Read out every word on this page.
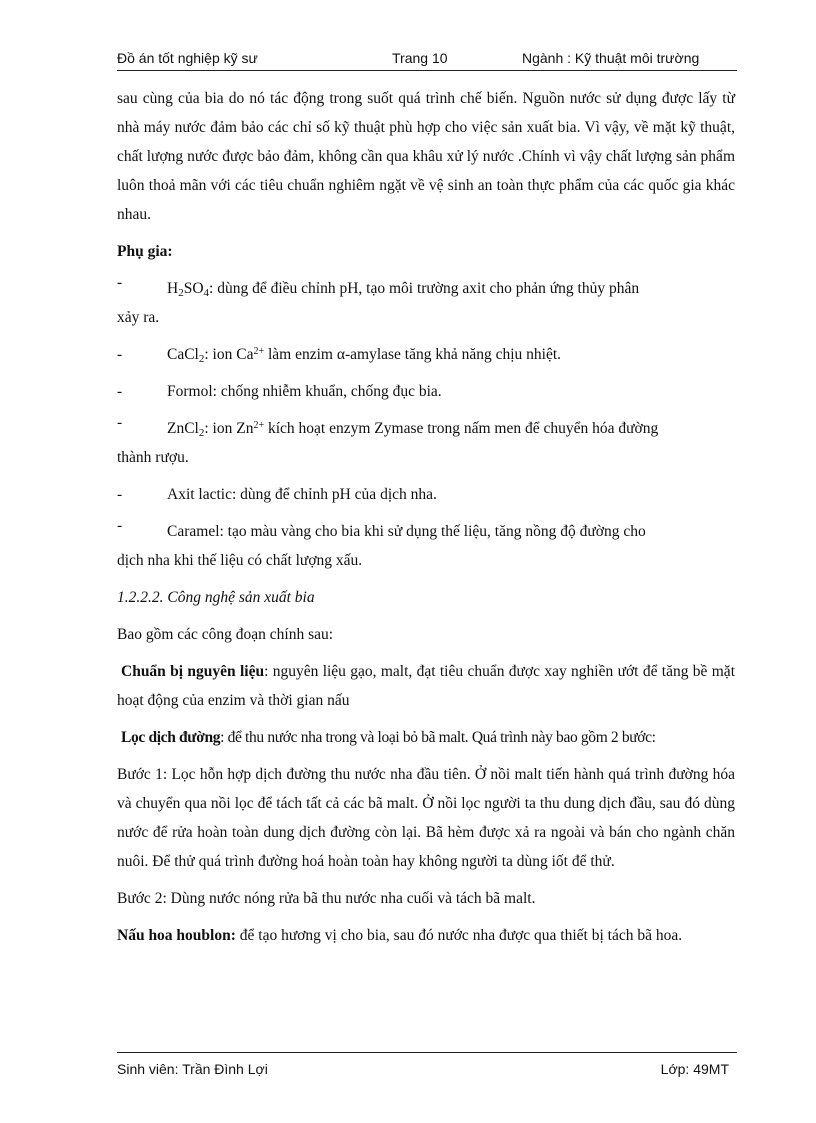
Đồ án tốt nghiệp kỹ sư	Trang 10	Ngành : Kỹ thuật môi trường

sau cùng của bia do nó tác động trong suốt quá trình chế biến. Nguồn nước sử dụng được lấy từ nhà máy nước đảm bảo các chỉ số kỹ thuật phù hợp cho việc sản xuất bia. Vì vậy, về mặt kỹ thuật, chất lượng nước được bảo đảm, không cần qua khâu xử lý nước .Chính vì vậy chất lượng sản phẩm luôn thoả mãn với các tiêu chuẩn nghiêm ngặt về vệ sinh an toàn thực phẩm của các quốc gia khác nhau.

Phụ gia:

-	$H_2SO_4$: dùng để điều chỉnh pH, tạo môi trường axit cho phản ứng thủy phân
xảy ra.
-	CaCl$_2$: ion $Ca^{2+}$ làm enzim α-amylase tăng khả năng chịu nhiệt.
-	Formol: chống nhiễm khuẩn, chống đục bia.
-	ZnCl$_2$: ion $Zn^{2+}$ kích hoạt enzym Zymase trong nấm men để chuyển hóa đường
thành rượu.
-	Axit lactic: dùng để chỉnh pH của dịch nha.
-	Caramel: tạo màu vàng cho bia khi sử dụng thế liệu, tăng nồng độ đường cho
dịch nha khi thế liệu có chất lượng xấu.

1.2.2.2. Công nghệ sản xuất bia

Bao gồm các công đoạn chính sau:

Chuẩn bị nguyên liệu: nguyên liệu gạo, malt, đạt tiêu chuẩn được xay nghiền ướt để tăng bề mặt hoạt động của enzim và thời gian nấu

Lọc dịch đường: để thu nước nha trong và loại bỏ bã malt. Quá trình này bao gồm 2 bước:

Bước 1: Lọc hỗn hợp dịch đường thu nước nha đầu tiên. Ở nồi malt tiến hành quá trình đường hóa và chuyển qua nồi lọc để tách tất cả các bã malt. Ở nồi lọc người ta thu dung dịch đầu, sau đó dùng nước để rửa hoàn toàn dung dịch đường còn lại. Bã hèm được xả ra ngoài và bán cho ngành chăn nuôi. Để thử quá trình đường hoá hoàn toàn hay không người ta dùng iốt để thử.

Bước 2: Dùng nước nóng rửa bã thu nước nha cuối và tách bã malt.

Nấu hoa houblon: để tạo hương vị cho bia, sau đó nước nha được qua thiết bị tách bã hoa.

Sinh viên: Trần Đình Lợi	Lớp: 49MT
